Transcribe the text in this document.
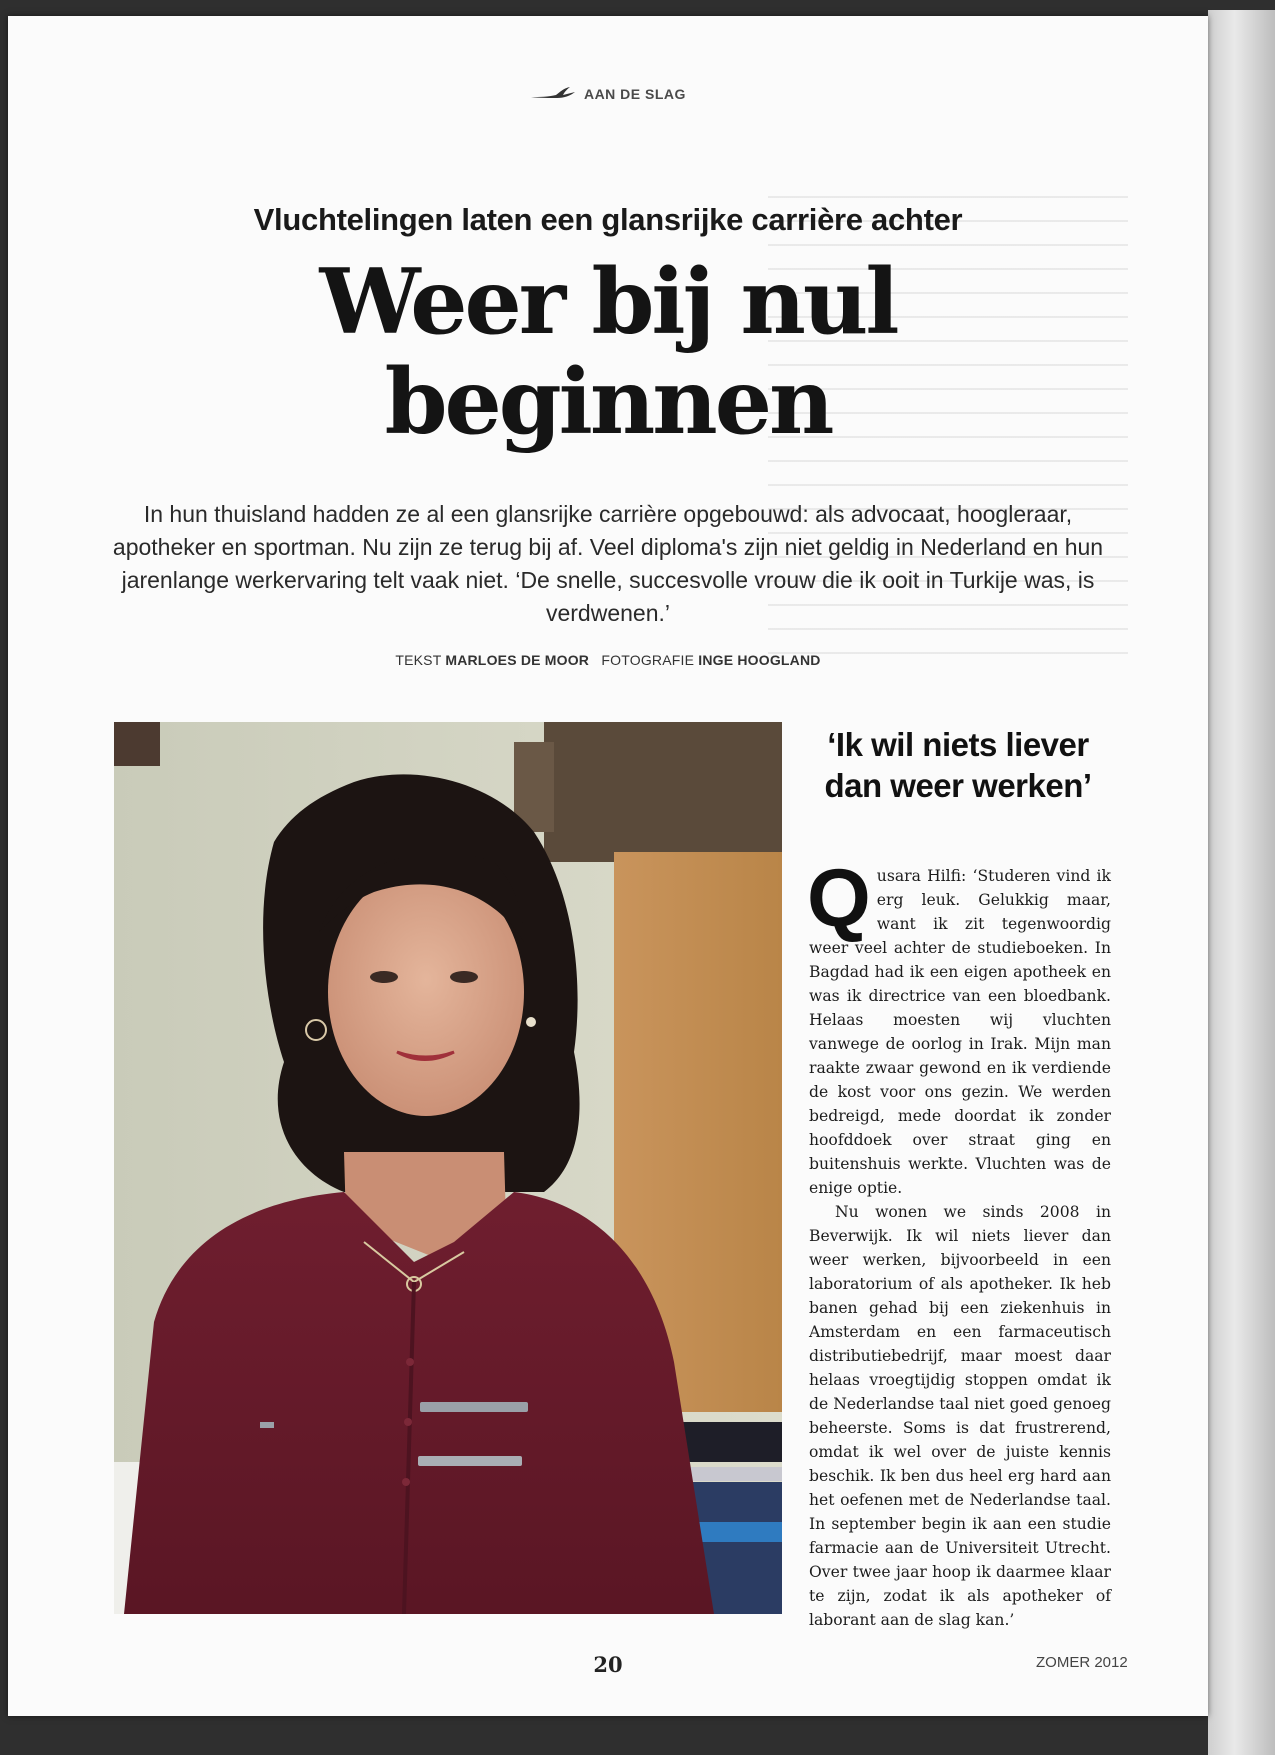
AAN DE SLAG
Vluchtelingen laten een glansrijke carrière achter
Weer bij nul
beginnen
In hun thuisland hadden ze al een glansrijke carrière opgebouwd: als advocaat, hoogleraar, apotheker en sportman. Nu zijn ze terug bij af. Veel diploma's zijn niet geldig in Nederland en hun jarenlange werkervaring telt vaak niet. ‘De snelle, succesvolle vrouw die ik ooit in Turkije was, is verdwenen.’
TEKST MARLOES DE MOOR FOTOGRAFIE INGE HOOGLAND
‘Ik wil niets liever dan weer werken’

Qusara Hilfi: ‘Studeren vind ik erg leuk. Gelukkig maar, want ik zit tegenwoordig weer veel achter de studieboeken. In Bagdad had ik een eigen apotheek en was ik directrice van een bloedbank. Helaas moesten wij vluchten vanwege de oorlog in Irak. Mijn man raakte zwaar gewond en ik verdiende de kost voor ons gezin. We werden bedreigd, mede doordat ik zonder hoofddoek over straat ging en buitenshuis werkte. Vluchten was de enige optie.

Nu wonen we sinds 2008 in Beverwijk. Ik wil niets liever dan weer werken, bijvoorbeeld in een laboratorium of als apotheker. Ik heb banen gehad bij een ziekenhuis in Amsterdam en een farmaceutisch distributiebedrijf, maar moest daar helaas vroegtijdig stoppen omdat ik de Nederlandse taal niet goed genoeg beheerste. Soms is dat frustrerend, omdat ik wel over de juiste kennis beschik. Ik ben dus heel erg hard aan het oefenen met de Nederlandse taal. In september begin ik aan een studie farmacie aan de Universiteit Utrecht. Over twee jaar hoop ik daarmee klaar te zijn, zodat ik als apotheker of laborant aan de slag kan.’

20	ZOMER 2012
